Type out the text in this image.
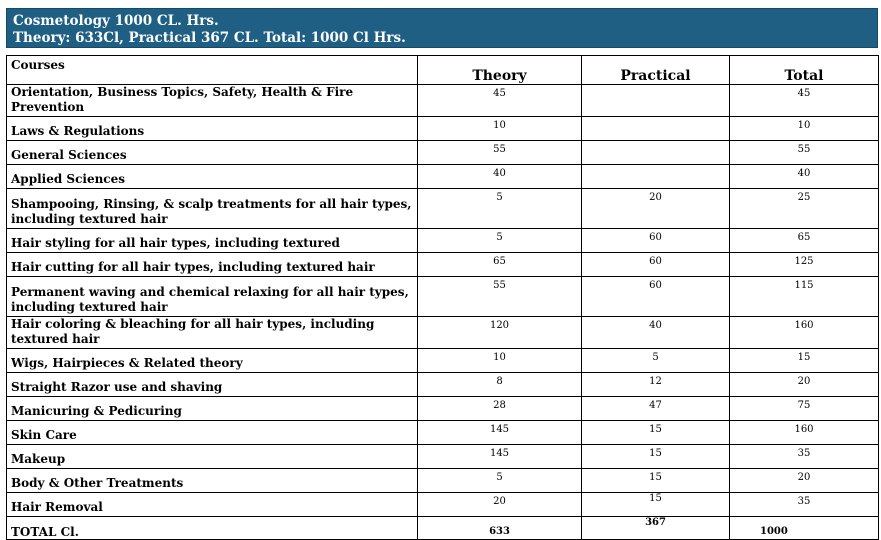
Cosmetology 1000 CL. Hrs.
Theory: 633Cl, Practical 367 CL. Total: 1000 Cl Hrs.
Courses	Theory	Practical	Total
Orientation, Business Topics, Safety, Health & Fire Prevention	45		45
Laws & Regulations	10		10
General Sciences	55		55
Applied Sciences	40		40
Shampooing, Rinsing, & scalp treatments for all hair types, including textured hair	5	20	25
Hair styling for all hair types, including textured	5	60	65
Hair cutting for all hair types, including textured hair	65	60	125
Permanent waving and chemical relaxing for all hair types, including textured hair	55	60	115
Hair coloring & bleaching for all hair types, including textured hair	120	40	160
Wigs, Hairpieces & Related theory	10	5	15
Straight Razor use and shaving	8	12	20
Manicuring & Pedicuring	28	47	75
Skin Care	145	15	160
Makeup	145	15	35
Body & Other Treatments	5	15	20
Hair Removal	20	15	35
TOTAL Cl.	633	367	1000
